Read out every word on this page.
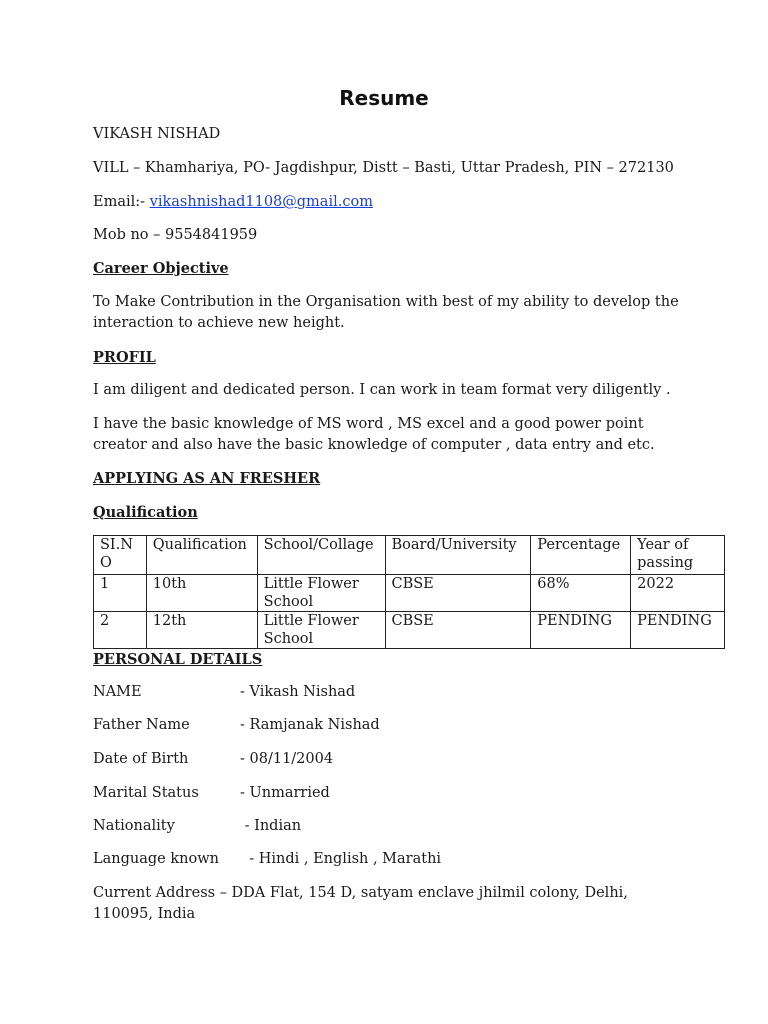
Resume
VIKASH NISHAD
VILL – Khamhariya, PO- Jagdishpur, Distt – Basti, Uttar Pradesh, PIN – 272130
Email:- vikashnishad1108@gmail.com
Mob no – 9554841959
Career Objective
To Make Contribution in the Organisation with best of my ability to develop the interaction to achieve new height.
PROFIL
I am diligent and dedicated person. I can work in team format very diligently .
I have the basic knowledge of MS word , MS excel and a good power point creator and also have the basic knowledge of computer , data entry and etc.
APPLYING AS AN FRESHER
Qualification
SI.N O	Qualification	School/Collage	Board/University	Percentage	Year of passing
1	10th	Little Flower School	CBSE	68%	2022
2	12th	Little Flower School	CBSE	PENDING	PENDING
PERSONAL DETAILS
NAME	- Vikash Nishad
Father Name	- Ramjanak Nishad
Date of Birth	- 08/11/2004
Marital Status	- Unmarried
Nationality	- Indian
Language known  - Hindi , English , Marathi
Current Address – DDA Flat, 154 D, satyam enclave jhilmil colony, Delhi, 110095, India
